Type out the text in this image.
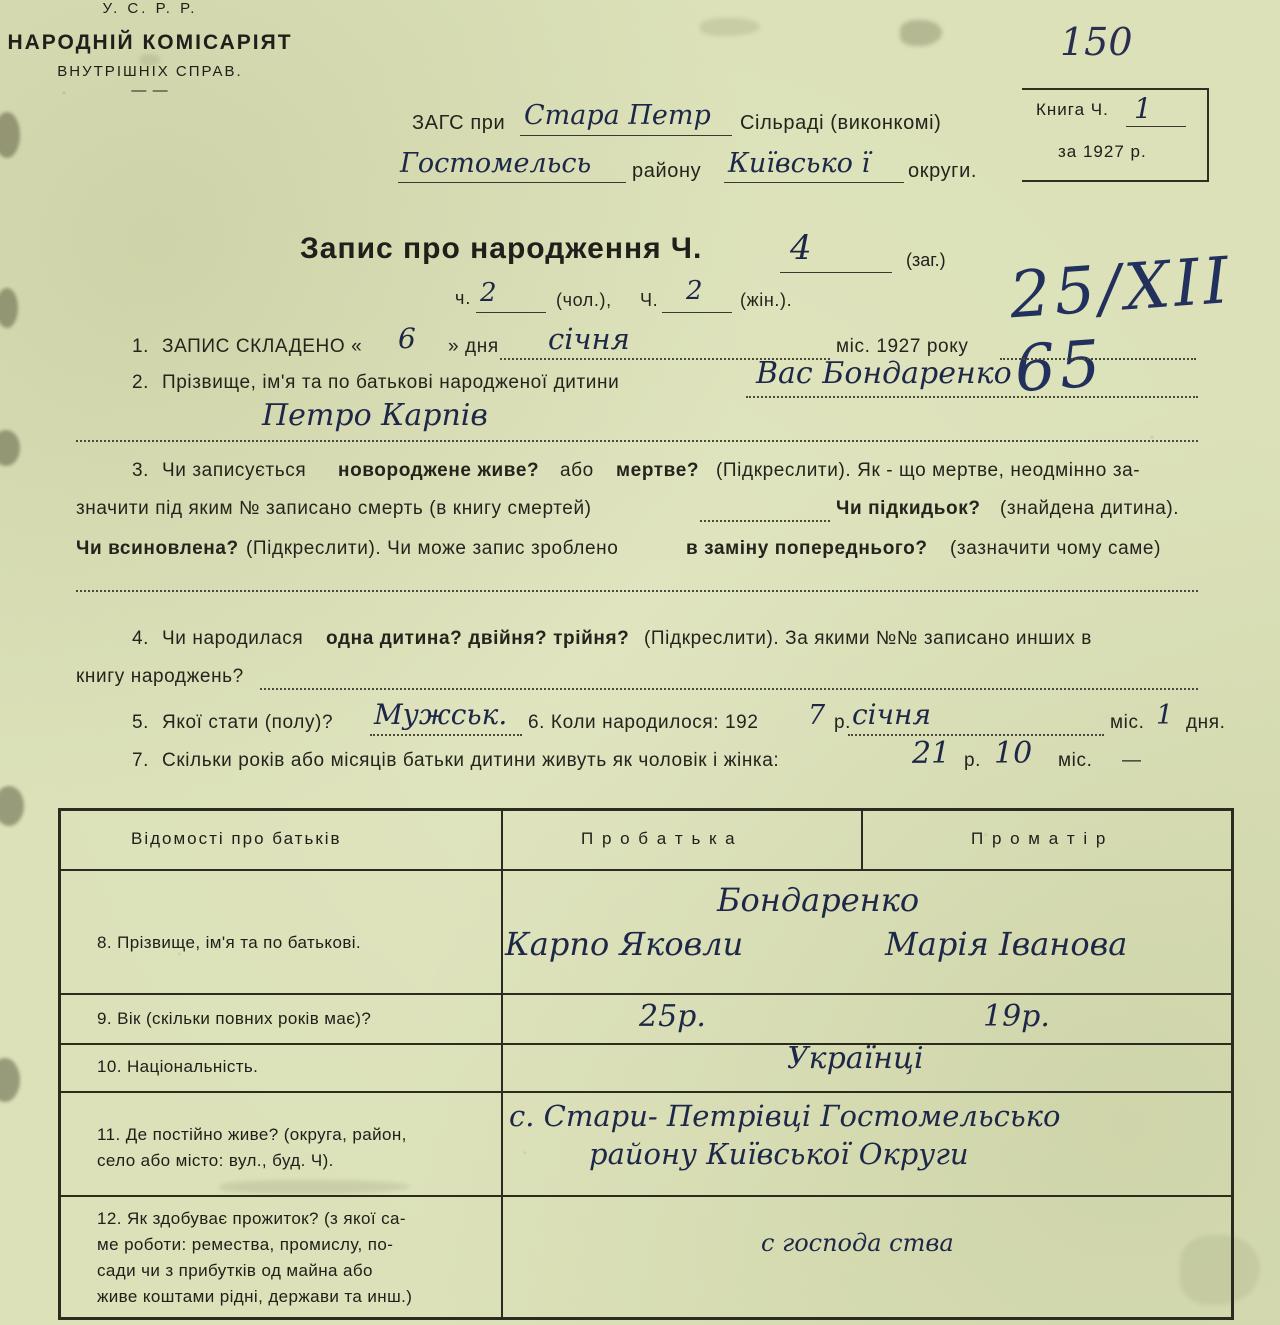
150
У. С. Р. Р.
НАРОДНІЙ КОМІСАРІЯТ
ВНУТРІШНІХ СПРАВ.
— —
ЗАГС при Стара Петр Сільраді (виконкомі)
Гостомельсь району Київсько ї округи.
Книга Ч. 1
за 1927 р.
Запис про народження Ч.	4	(заг.)
ч. 2	(чол.), Ч. 2 (жін.).	25/XII 65
1. ЗАПИС СКЛАДЕНО « 6 » дня січня	міс. 1927 року
2. Прізвище, ім'я та по батькові народженої дитини	Вас Бондаренко
Петро Карпів
3. Чи записується новороджене живе? або мертве? (Підкреслити). Як - що мертве, неодмінно за-
значити під яким № записано смерть (в книгу смертей)	Чи підкидьок? (знайдена дитина).
Чи всиновлена? (Підкреслити). Чи може запис зроблено	в заміну попереднього? (зазначити чому саме)
4. Чи народилася одна дитина? двійня? трійня? (Підкреслити). За якими №№ записано инших в
книгу народжень?
5. Якої стати (полу)? Мужськ. 6. Коли народилося: 192 7 р. січня	міс. 1 дня.
7. Скільки років або місяців батьки дитини живуть як чоловік і жінка:	21 р. 10 міс. —
Відомості про батьків	П р о б а т ь к а	П р о м а т і р
8. Прізвище, ім'я та по батькові.
Бондаренко
Карпо Яковли	Марія Іванова
9. Вік (скільки повних років має)?	25р.	19р.
10. Національність.	Українці
11. Де постійно живе? (округа, район,
село або місто: вул., буд. Ч).
с. Стари- Петрівці Гостомельсько
району Київської Округи
12. Як здобуває прожиток? (з якої са-
ме роботи: ремества, промислу, по-
сади чи з прибутків од майна або
живе коштами рідні, держави та инш.)
с господа ства
